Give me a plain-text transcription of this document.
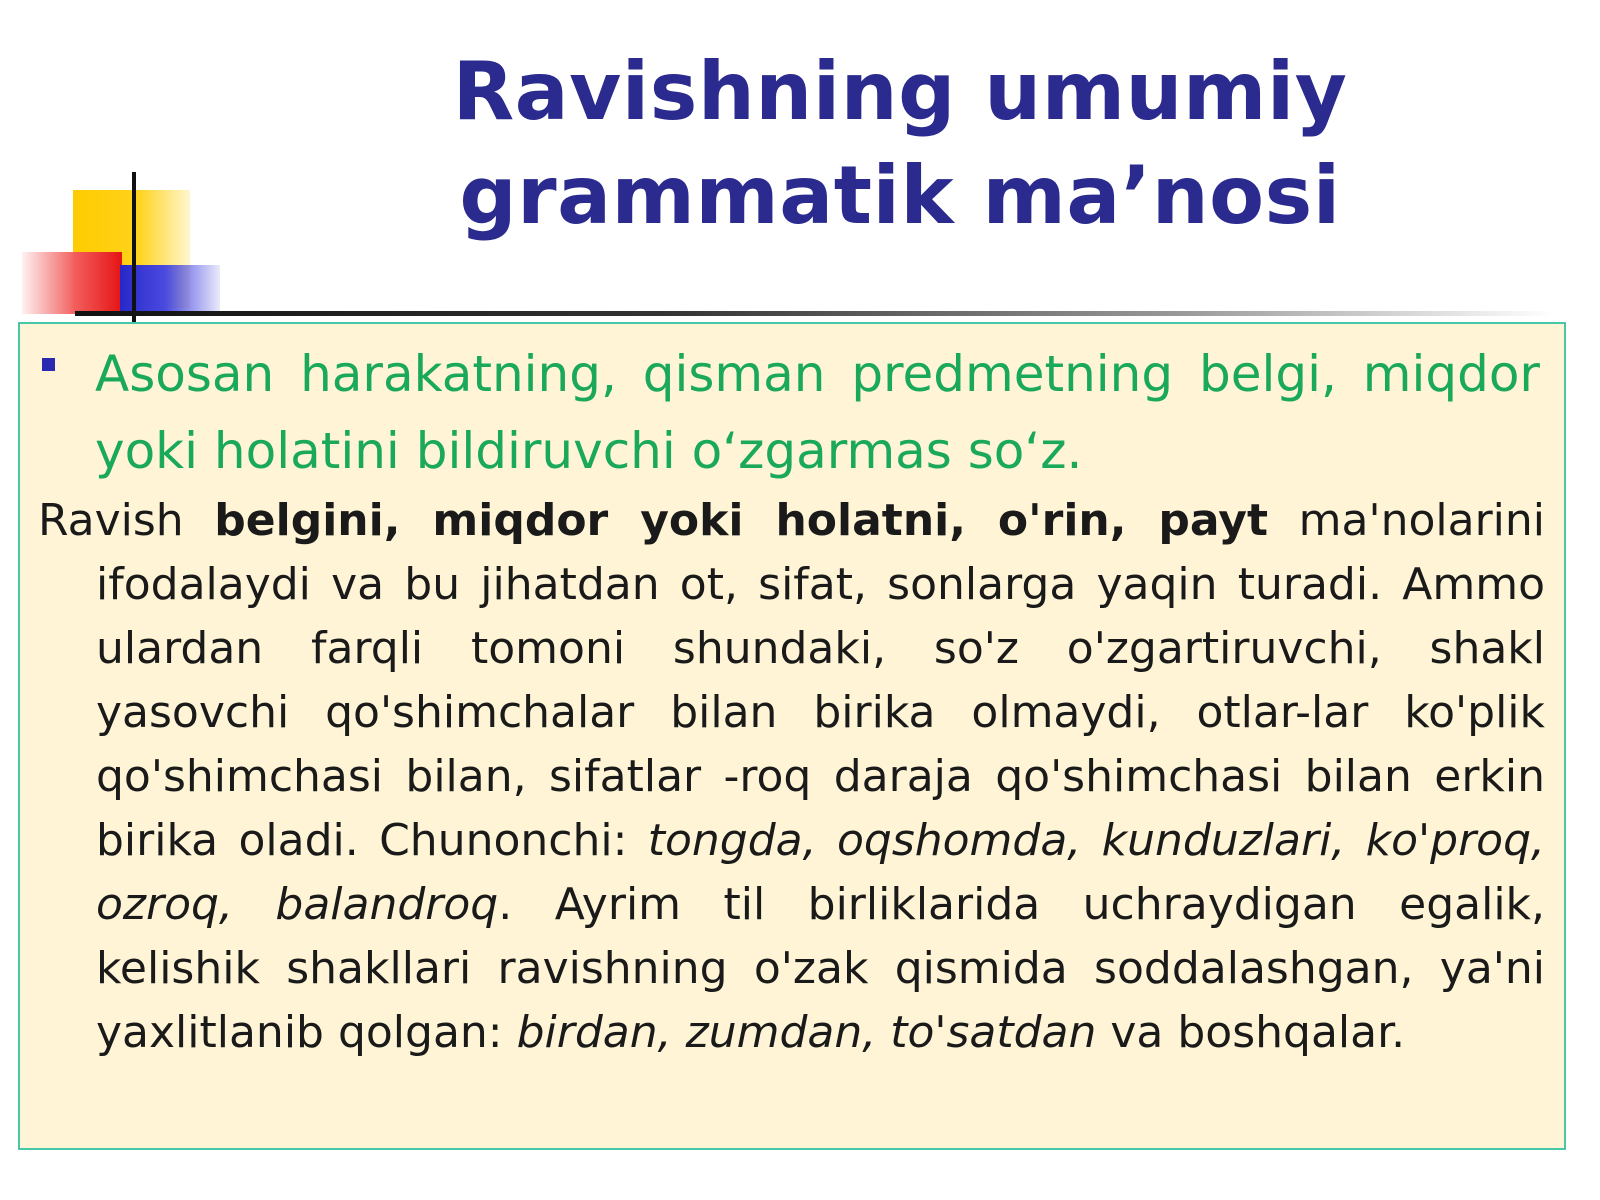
Ravishning umumiy grammatik ma’nosi

Asosan harakatning, qisman predmetning belgi, miqdor yoki holatini bildiruvchi o‘zgarmas so‘z.

Ravish belgini, miqdor yoki holatni, o'rin, payt ma'nolarini ifodalaydi va bu jihatdan ot, sifat, sonlarga yaqin turadi. Ammo ulardan farqli tomoni shundaki, so'z o'zgartiruvchi, shakl yasovchi qo'shimchalar bilan birika olmaydi, otlar-lar ko'plik qo'shimchasi bilan, sifatlar -roq daraja qo'shimchasi bilan erkin birika oladi. Chunonchi: tongda, oqshomda, kunduzlari, ko'proq, ozroq, balandroq. Ayrim til birliklarida uchraydigan egalik, kelishik shakllari ravishning o'zak qismida soddalashgan, ya'ni yaxlitlanib qolgan: birdan, zumdan, to'satdan va boshqalar.
